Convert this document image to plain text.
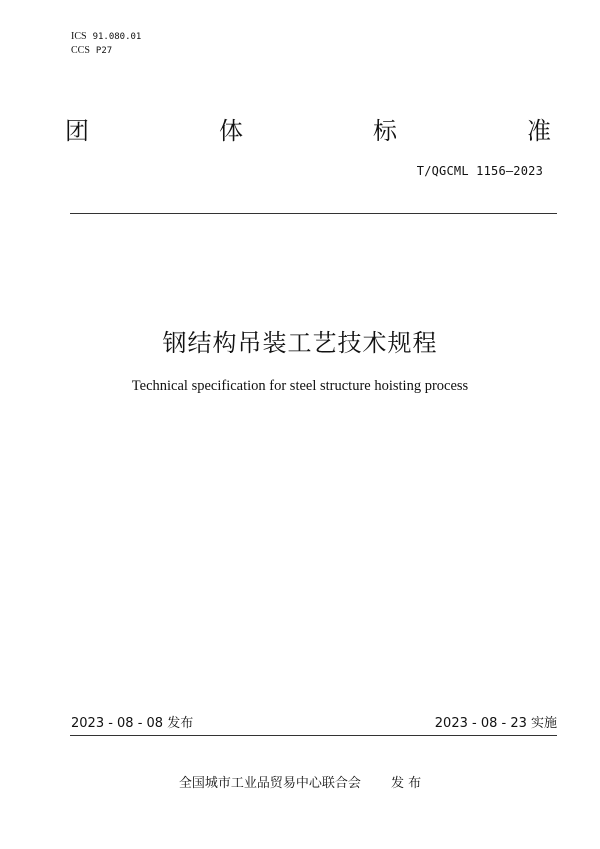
ICS 91.080.01
CCS P27
团	体	标	准
T/QGCML 1156—2023
钢结构吊装工艺技术规程
Technical specification for steel structure hoisting process
2023 - 08 - 08 发布	2023 - 08 - 23 实施
全国城市工业品贸易中心联合会 发 布
